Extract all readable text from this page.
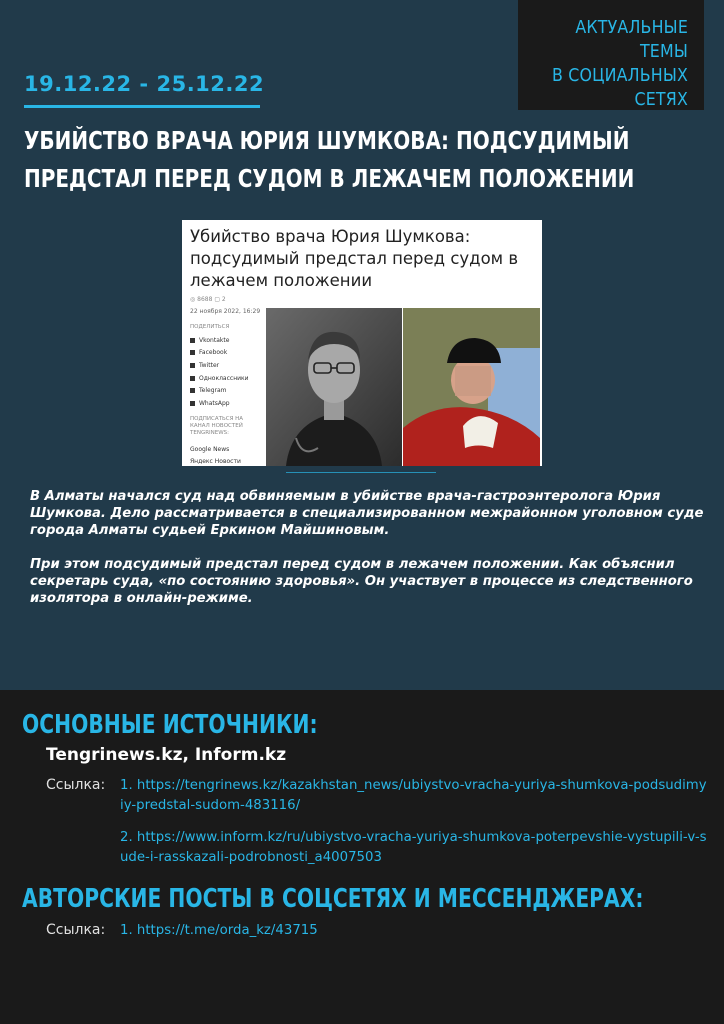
АКТУАЛЬНЫЕ ТЕМЫ
В СОЦИАЛЬНЫХ
СЕТЯХ
19.12.22 - 25.12.22
УБИЙСТВО ВРАЧА ЮРИЯ ШУМКОВА: ПОДСУДИМЫЙ ПРЕДСТАЛ ПЕРЕД СУДОМ В ЛЕЖАЧЕМ ПОЛОЖЕНИИ
Убийство врача Юрия Шумкова: подсудимый предстал перед судом в лежачем положении
◎ 8688 ▢ 2
22 ноября 2022, 16:29
ПОДЕЛИТЬСЯ
Vkontakte
Facebook
Twitter
Одноклассники
Telegram
WhatsApp
ПОДПИСАТЬСЯ НА КАНАЛ НОВОСТЕЙ TENGRINEWS:
Google News
Яндекс Новости

В Алматы начался суд над обвиняемым в убийстве врача-гастроэнтеролога Юрия Шумкова. Дело рассматривается в специализированном межрайонном уголовном суде города Алматы судьей Еркином Майшиновым.

При этом подсудимый предстал перед судом в лежачем положении. Как объяснил секретарь суда, «по состоянию здоровья». Он участвует в процессе из следственного изолятора в онлайн-режиме.

ОСНОВНЫЕ ИСТОЧНИКИ:
Tengrinews.kz, Inform.kz
Ссылка: 1. https://tengrinews.kz/kazakhstan_news/ubiystvo-vracha-yuriya-shumkova-podsudimyiy-predstal-sudom-483116/
2. https://www.inform.kz/ru/ubiystvo-vracha-yuriya-shumkova-poterpevshie-vystupili-v-sude-i-rasskazali-podrobnosti_a4007503
АВТОРСКИЕ ПОСТЫ В СОЦСЕТЯХ И МЕССЕНДЖЕРАХ:
Ссылка: 1. https://t.me/orda_kz/43715
